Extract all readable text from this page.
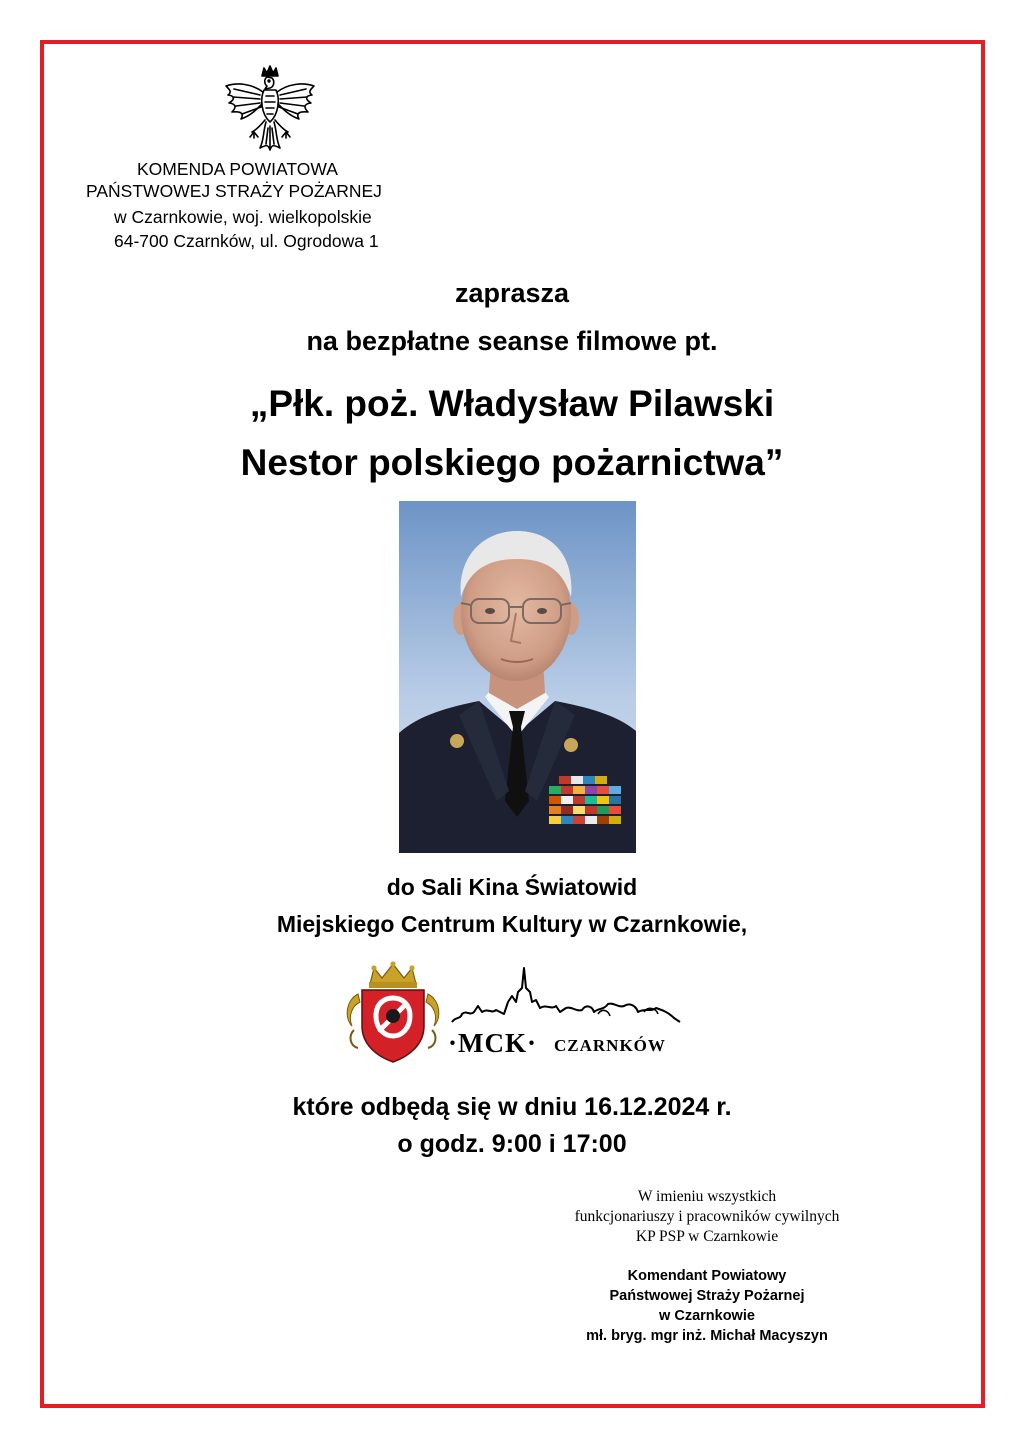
KOMENDA POWIATOWA
PAŃSTWOWEJ STRAŻY POŻARNEJ
w Czarnkowie, woj. wielkopolskie
64-700 Czarnków, ul. Ogrodowa 1
zaprasza
na bezpłatne seanse filmowe pt.
„Płk. poż. Władysław Pilawski
Nestor polskiego pożarnictwa”
do Sali Kina Światowid
Miejskiego Centrum Kultury w Czarnkowie,
·MCK· CZARNKÓW
które odbędą się w dniu 16.12.2024 r.
o godz. 9:00 i 17:00
W imieniu wszystkich
funkcjonariuszy i pracowników cywilnych
KP PSP w Czarnkowie
Komendant Powiatowy
Państwowej Straży Pożarnej
w Czarnkowie
mł. bryg. mgr inż. Michał Macyszyn
